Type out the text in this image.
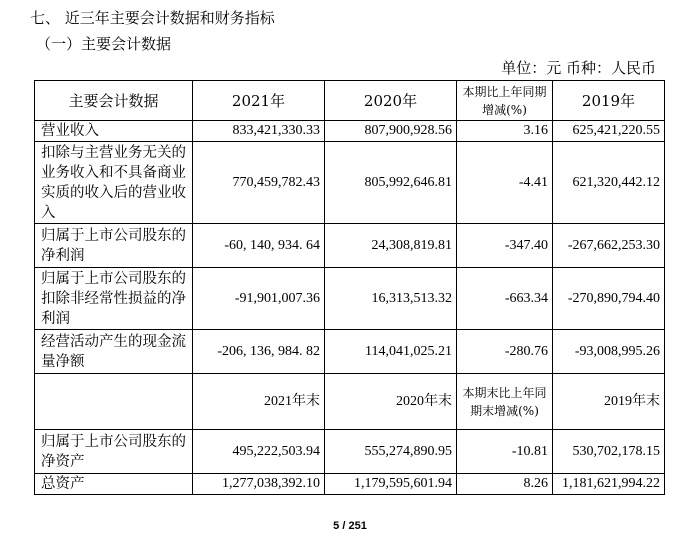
七、 近三年主要会计数据和财务指标
（一）主要会计数据
单位：元 币种：人民币
主要会计数据	2021年	2020年	本期比上年同期增减(%)	2019年
营业收入	833,421,330.33	807,900,928.56	3.16	625,421,220.55
扣除与主营业务无关的业务收入和不具备商业实质的收入后的营业收入	770,459,782.43	805,992,646.81	-4.41	621,320,442.12
归属于上市公司股东的净利润	-60, 140, 934. 64	24,308,819.81	-347.40	-267,662,253.30
归属于上市公司股东的扣除非经常性损益的净利润	-91,901,007.36	16,313,513.32	-663.34	-270,890,794.40
经营活动产生的现金流量净额	-206, 136, 984. 82	114,041,025.21	-280.76	-93,008,995.26
	2021年末	2020年末	本期末比上年同期末增减(%)	2019年末
归属于上市公司股东的净资产	495,222,503.94	555,274,890.95	-10.81	530,702,178.15
总资产	1,277,038,392.10	1,179,595,601.94	8.26	1,181,621,994.22
5 / 251
